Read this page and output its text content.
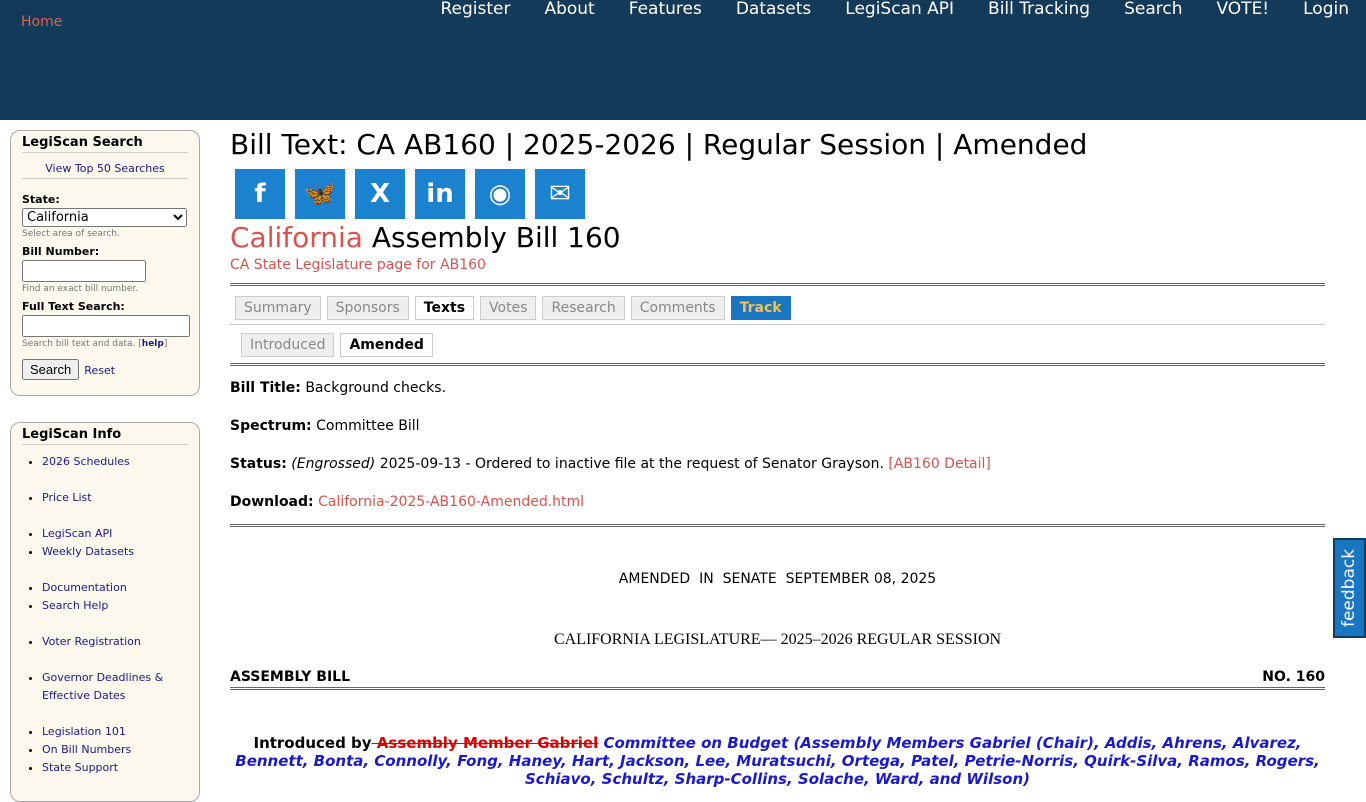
Home
Register	About	Features	Datasets	LegiScan API	Bill Tracking	Search	VOTE!	Login
LegiScan Search
View Top 50 Searches
State:
California
Select area of search.
Bill Number:
Find an exact bill number.
Full Text Search:
Search bill text and data. [help]
Search Reset
LegiScan Info
• 2026 Schedules
• Price List
• LegiScan API
• Weekly Datasets
• Documentation
• Search Help
• Voter Registration
• Governor Deadlines & Effective Dates
• Legislation 101
• On Bill Numbers
• State Support
Bill Text: CA AB160 | 2025-2026 | Regular Session | Amended
f	🦋	X	in	◉	✉
California Assembly Bill 160
CA State Legislature page for AB160
Summary	Sponsors	Texts	Votes	Research	Comments	Track
Introduced	Amended
Bill Title: Background checks.
Spectrum: Committee Bill
Status: (Engrossed) 2025-09-13 - Ordered to inactive file at the request of Senator Grayson. [AB160 Detail]
Download: California-2025-AB160-Amended.html
AMENDED  IN  SENATE  SEPTEMBER 08, 2025
CALIFORNIA LEGISLATURE— 2025–2026 REGULAR SESSION
ASSEMBLY BILL	NO. 160
Introduced by Assembly Member Gabriel Committee on Budget (Assembly Members Gabriel (Chair), Addis, Ahrens, Alvarez, Bennett, Bonta, Connolly, Fong, Haney, Hart, Jackson, Lee, Muratsuchi, Ortega, Patel, Petrie-Norris, Quirk-Silva, Ramos, Rogers, Schiavo, Schultz, Sharp-Collins, Solache, Ward, and Wilson)
feedback
